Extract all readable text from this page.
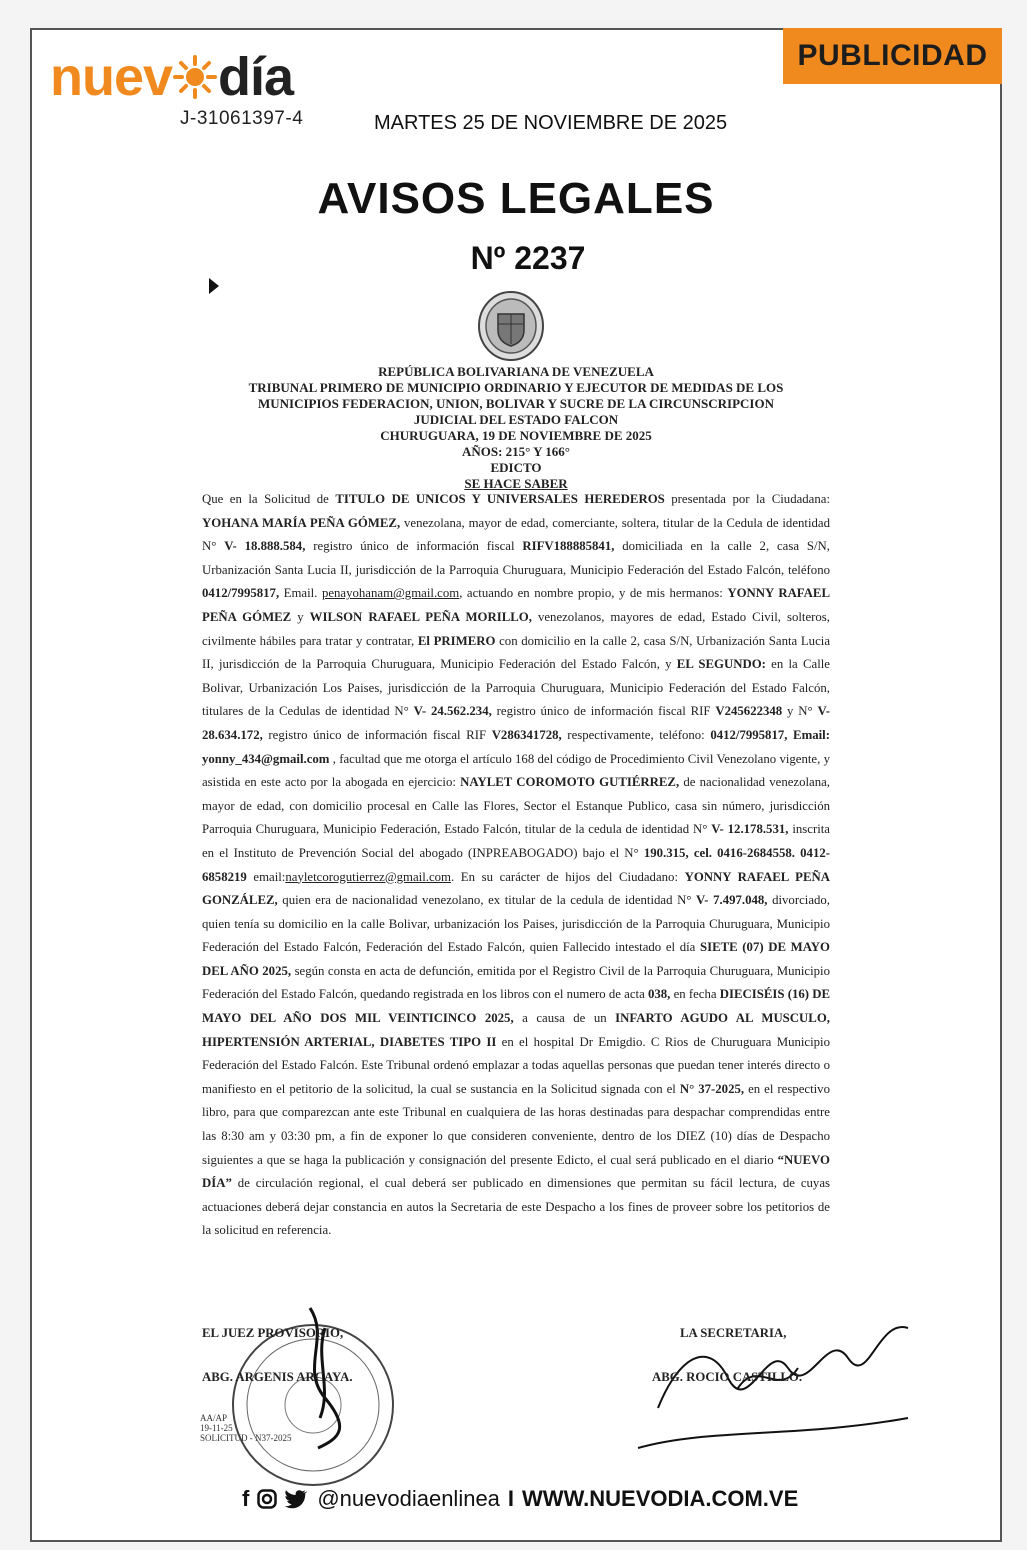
nuev día
J-31061397-4	MARTES 25 DE NOVIEMBRE DE 2025
PUBLICIDAD
AVISOS LEGALES
Nº 2237
REPÚBLICA BOLIVARIANA DE VENEZUELA
TRIBUNAL PRIMERO DE MUNICIPIO ORDINARIO Y EJECUTOR DE MEDIDAS DE LOS
MUNICIPIOS FEDERACION, UNION, BOLIVAR Y SUCRE DE LA CIRCUNSCRIPCION
JUDICIAL DEL ESTADO FALCON
CHURUGUARA, 19 DE NOVIEMBRE DE 2025
AÑOS: 215° Y 166°
EDICTO
SE HACE SABER

Que en la Solicitud de TITULO DE UNICOS Y UNIVERSALES HEREDEROS presentada por la Ciudadana: YOHANA MARÍA PEÑA GÓMEZ, venezolana, mayor de edad, comerciante, soltera, titular de la Cedula de identidad N° V- 18.888.584, registro único de información fiscal RIFV188885841, domiciliada en la calle 2, casa S/N, Urbanización Santa Lucia II, jurisdicción de la Parroquia Churuguara, Municipio Federación del Estado Falcón, teléfono 0412/7995817, Email. penayohanam@gmail.com, actuando en nombre propio, y de mis hermanos: YONNY RAFAEL PEÑA GÓMEZ y WILSON RAFAEL PEÑA MORILLO, venezolanos, mayores de edad, Estado Civil, solteros, civilmente hábiles para tratar y contratar, El PRIMERO con domicilio en la calle 2, casa S/N, Urbanización Santa Lucia II, jurisdicción de la Parroquia Churuguara, Municipio Federación del Estado Falcón, y EL SEGUNDO: en la Calle Bolivar, Urbanización Los Paises, jurisdicción de la Parroquia Churuguara, Municipio Federación del Estado Falcón, titulares de la Cedulas de identidad N° V- 24.562.234, registro único de información fiscal RIF V245622348 y N° V- 28.634.172, registro único de información fiscal RIF V286341728, respectivamente, teléfono: 0412/7995817, Email: yonny_434@gmail.com , facultad que me otorga el artículo 168 del código de Procedimiento Civil Venezolano vigente, y asistida en este acto por la abogada en ejercicio: NAYLET COROMOTO GUTIÉRREZ, de nacionalidad venezolana, mayor de edad, con domicilio procesal en Calle las Flores, Sector el Estanque Publico, casa sin número, jurisdicción Parroquia Churuguara, Municipio Federación, Estado Falcón, titular de la cedula de identidad N° V- 12.178.531, inscrita en el Instituto de Prevención Social del abogado (INPREABOGADO) bajo el N° 190.315, cel. 0416-2684558. 0412-6858219 email:nayletcorogutierrez@gmail.com. En su carácter de hijos del Ciudadano: YONNY RAFAEL PEÑA GONZÁLEZ, quien era de nacionalidad venezolano, ex titular de la cedula de identidad N° V- 7.497.048, divorciado, quien tenía su domicilio en la calle Bolivar, urbanización los Paises, jurisdicción de la Parroquia Churuguara, Municipio Federación del Estado Falcón, Federación del Estado Falcón, quien Fallecido intestado el día SIETE (07) DE MAYO DEL AÑO 2025, según consta en acta de defunción, emitida por el Registro Civil de la Parroquia Churuguara, Municipio Federación del Estado Falcón, quedando registrada en los libros con el numero de acta 038, en fecha DIECISÉIS (16) DE MAYO DEL AÑO DOS MIL VEINTICINCO 2025, a causa de un INFARTO AGUDO AL MUSCULO, HIPERTENSIÓN ARTERIAL, DIABETES TIPO II en el hospital Dr Emigdio. C Rios de Churuguara Municipio Federación del Estado Falcón. Este Tribunal ordenó emplazar a todas aquellas personas que puedan tener interés directo o manifiesto en el petitorio de la solicitud, la cual se sustancia en la Solicitud signada con el N° 37-2025, en el respectivo libro, para que comparezcan ante este Tribunal en cualquiera de las horas destinadas para despachar comprendidas entre las 8:30 am y 03:30 pm, a fin de exponer lo que consideren conveniente, dentro de los DIEZ (10) días de Despacho siguientes a que se haga la publicación y consignación del presente Edicto, el cual será publicado en el diario “NUEVO DÍA” de circulación regional, el cual deberá ser publicado en dimensiones que permitan su fácil lectura, de cuyas actuaciones deberá dejar constancia en autos la Secretaria de este Despacho a los fines de proveer sobre los petitorios de la solicitud en referencia.

EL JUEZ PROVISORIO,	LA SECRETARIA,
ABG. ARGENIS ARCAYA.	ABG. ROCIO CASTILLO.
AA/AP
19-11-25
SOLICITUD - N37-2025
f	@nuevodiaenlinea I WWW.NUEVODIA.COM.VE
